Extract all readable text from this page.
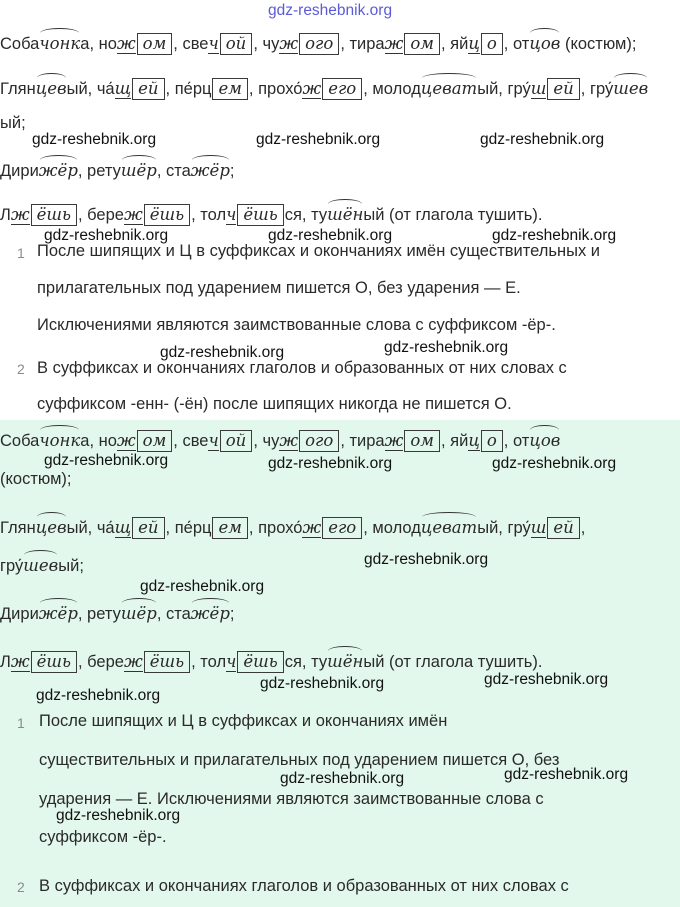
gdz-reshebnik.org
Собачонка, нож ом , свеч ой , чуж ого , тираж ом , яйц о , отцов (костюм);
Глянцевый, ча́щ ей , пе́рц ем , прохо́ж его , молодцеватый, гру́ш ей , гру́шев
ый;
gdz-reshebnik.org	gdz-reshebnik.org	gdz-reshebnik.org
Дирижёр, ретушёр, стажёр;
Лж ёшь , береж ёшь , толч ёшь ся, тушёный (от глагола тушить).
gdz-reshebnik.org	gdz-reshebnik.org	gdz-reshebnik.org
1 После шипящих и Ц в суффиксах и окончаниях имён существительных и
прилагательных под ударением пишется О, без ударения — Е.
Исключениями являются заимствованные слова с суффиксом -ёр-.
gdz-reshebnik.org	gdz-reshebnik.org
2 В суффиксах и окончаниях глаголов и образованных от них словах с
суффиксом -енн- (-ён) после шипящих никогда не пишется О.
Собачонка, нож ом , свеч ой , чуж ого , тираж ом , яйц о , отцов
gdz-reshebnik.org	gdz-reshebnik.org	gdz-reshebnik.org
(костюм);
Глянцевый, ча́щ ей , пе́рц ем , прохо́ж его , молодцеватый, гру́ш ей ,
гру́шевый;	gdz-reshebnik.org
gdz-reshebnik.org
Дирижёр, ретушёр, стажёр;
Лж ёшь , береж ёшь , толч ёшь ся, тушёный (от глагола тушить).
gdz-reshebnik.org
gdz-reshebnik.org
gdz-reshebnik.org
1 После шипящих и Ц в суффиксах и окончаниях имён
существительных и прилагательных под ударением пишется О, без
gdz-reshebnik.org
gdz-reshebnik.org
ударения — Е. Исключениями являются заимствованные слова с
gdz-reshebnik.org
суффиксом -ёр-.
2 В суффиксах и окончаниях глаголов и образованных от них словах с
